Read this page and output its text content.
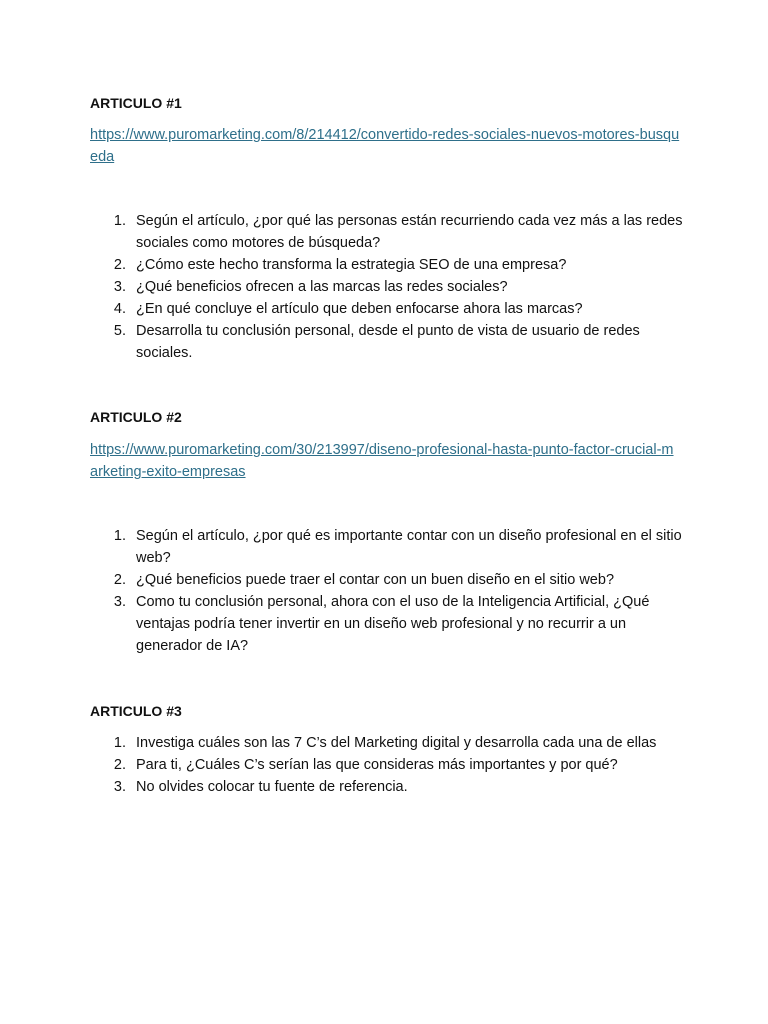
ARTICULO #1
https://www.puromarketing.com/8/214412/convertido-redes-sociales-nuevos-motores-busqueda
1. Según el artículo, ¿por qué las personas están recurriendo cada vez más a las redes sociales como motores de búsqueda?
2. ¿Cómo este hecho transforma la estrategia SEO de una empresa?
3. ¿Qué beneficios ofrecen a las marcas las redes sociales?
4. ¿En qué concluye el artículo que deben enfocarse ahora las marcas?
5. Desarrolla tu conclusión personal, desde el punto de vista de usuario de redes sociales.
ARTICULO #2
https://www.puromarketing.com/30/213997/diseno-profesional-hasta-punto-factor-crucial-marketing-exito-empresas
1. Según el artículo, ¿por qué es importante contar con un diseño profesional en el sitio web?
2. ¿Qué beneficios puede traer el contar con un buen diseño en el sitio web?
3. Como tu conclusión personal, ahora con el uso de la Inteligencia Artificial, ¿Qué ventajas podría tener invertir en un diseño web profesional y no recurrir a un generador de IA?
ARTICULO #3
1. Investiga cuáles son las 7 C’s del Marketing digital y desarrolla cada una de ellas
2. Para ti, ¿Cuáles C’s serían las que consideras más importantes y por qué?
3. No olvides colocar tu fuente de referencia.
